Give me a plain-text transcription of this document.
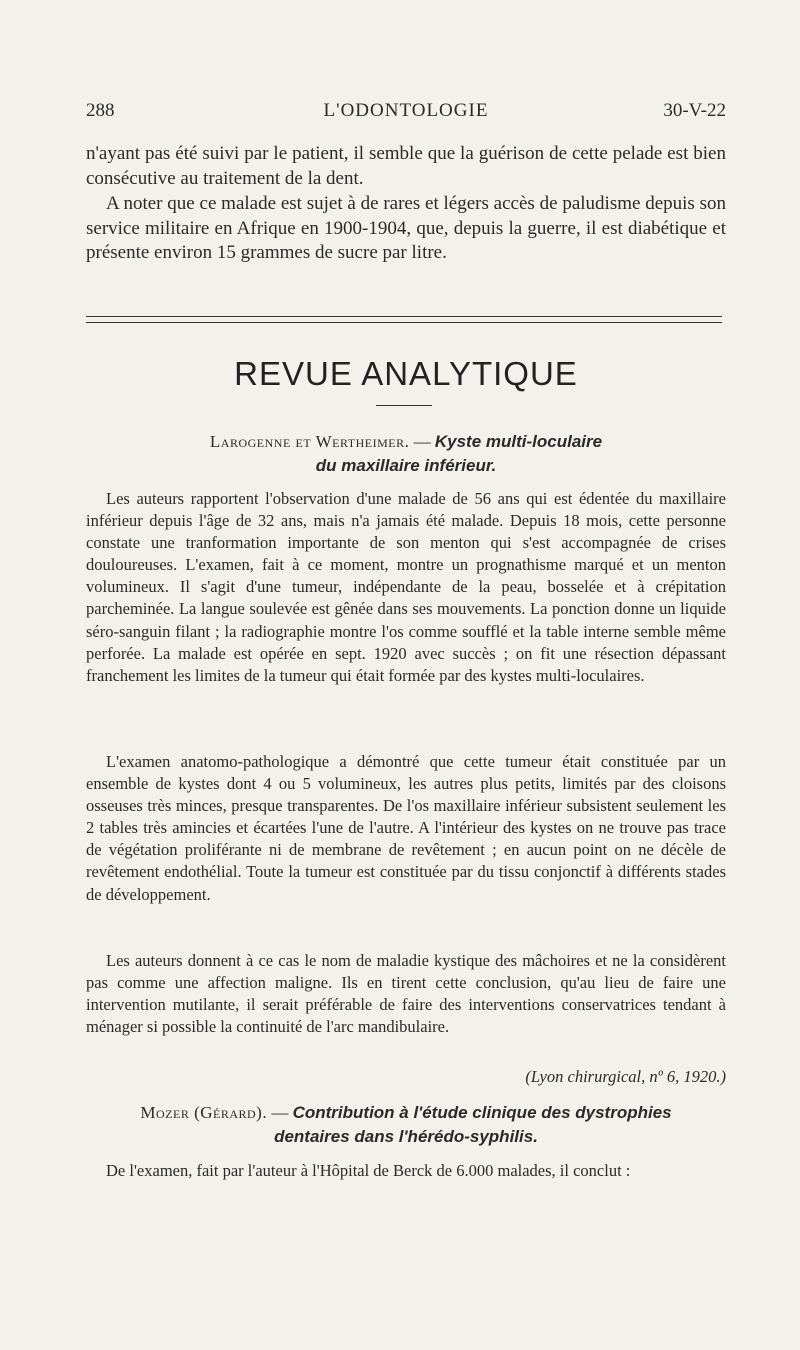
288	L'ODONTOLOGIE	30-V-22
n'ayant pas été suivi par le patient, il semble que la guérison de cette pelade est bien consécutive au traitement de la dent.
A noter que ce malade est sujet à de rares et légers accès de paludisme depuis son service militaire en Afrique en 1900-1904, que, depuis la guerre, il est diabétique et présente environ 15 grammes de sucre par litre.
REVUE ANALYTIQUE
Larogenne et Wertheimer. — Kyste multi-loculaire
du maxillaire inférieur.
Les auteurs rapportent l'observation d'une malade de 56 ans qui est édentée du maxillaire inférieur depuis l'âge de 32 ans, mais n'a jamais été malade. Depuis 18 mois, cette personne constate une tranformation importante de son menton qui s'est accompagnée de crises douloureuses. L'examen, fait à ce moment, montre un prognathisme marqué et un menton volumineux. Il s'agit d'une tumeur, indépendante de la peau, bosselée et à crépitation parcheminée. La langue soulevée est gênée dans ses mouvements. La ponction donne un liquide séro-sanguin filant ; la radiographie montre l'os comme soufflé et la table interne semble même perforée. La malade est opérée en sept. 1920 avec succès ; on fit une résection dépassant franchement les limites de la tumeur qui était formée par des kystes multi-loculaires.
L'examen anatomo-pathologique a démontré que cette tumeur était constituée par un ensemble de kystes dont 4 ou 5 volumineux, les autres plus petits, limités par des cloisons osseuses très minces, presque transparentes. De l'os maxillaire inférieur subsistent seulement les 2 tables très amincies et écartées l'une de l'autre. A l'intérieur des kystes on ne trouve pas trace de végétation proliférante ni de membrane de revêtement ; en aucun point on ne décèle de revêtement endothélial. Toute la tumeur est constituée par du tissu conjonctif à différents stades de développement.
Les auteurs donnent à ce cas le nom de maladie kystique des mâchoires et ne la considèrent pas comme une affection maligne. Ils en tirent cette conclusion, qu'au lieu de faire une intervention mutilante, il serait préférable de faire des interventions conservatrices tendant à ménager si possible la continuité de l'arc mandibulaire.
(Lyon chirurgical, nº 6, 1920.)
Mozer (Gérard). — Contribution à l'étude clinique des dystrophies
dentaires dans l'hérédo-syphilis.
De l'examen, fait par l'auteur à l'Hôpital de Berck de 6.000 malades, il conclut :
